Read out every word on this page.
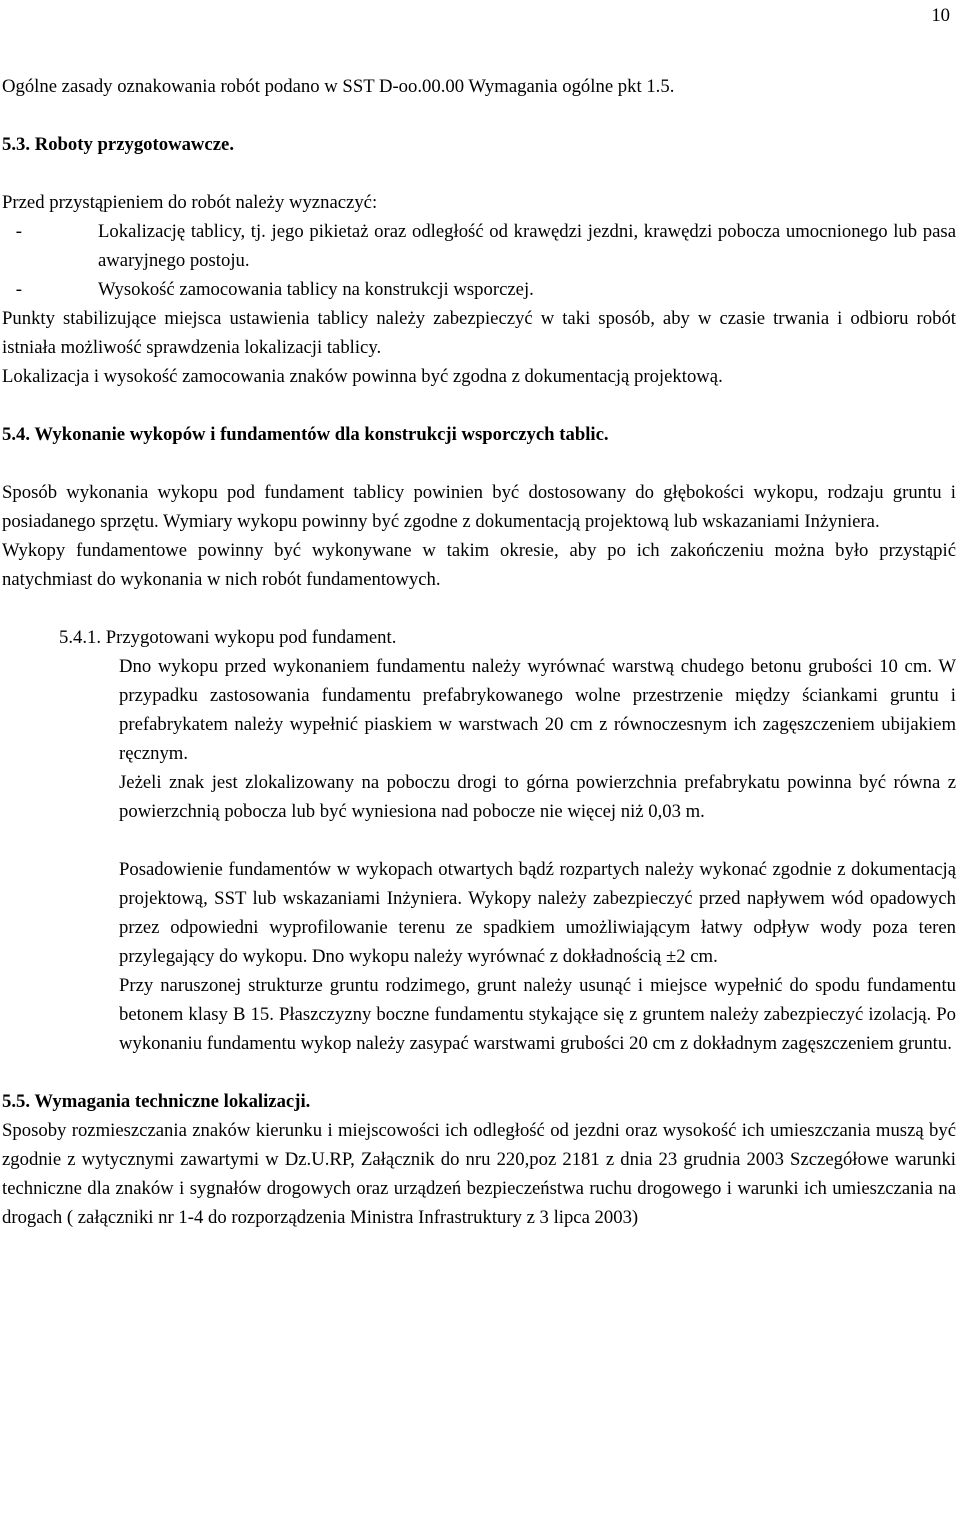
10

Ogólne zasady oznakowania robót podano w SST D-oo.00.00 Wymagania ogólne pkt 1.5.

5.3. Roboty przygotowawcze.

Przed przystąpieniem do robót należy wyznaczyć:

-	Lokalizację tablicy, tj. jego pikietaż oraz odległość od krawędzi jezdni, krawędzi pobocza umocnionego lub pasa awaryjnego postoju.

-	Wysokość zamocowania tablicy na konstrukcji wsporczej.

Punkty stabilizujące miejsca ustawienia tablicy należy zabezpieczyć w taki sposób, aby w czasie trwania i odbioru robót istniała możliwość sprawdzenia lokalizacji tablicy.

Lokalizacja i wysokość zamocowania znaków powinna być zgodna z dokumentacją projektową.

5.4. Wykonanie wykopów i fundamentów dla konstrukcji wsporczych tablic.

Sposób wykonania wykopu pod fundament tablicy powinien być dostosowany do głębokości wykopu, rodzaju gruntu i posiadanego sprzętu. Wymiary wykopu powinny być zgodne z dokumentacją projektową lub wskazaniami Inżyniera.

Wykopy fundamentowe powinny być wykonywane w takim okresie, aby po ich zakończeniu można było przystąpić natychmiast do wykonania w nich robót fundamentowych.

5.4.1. Przygotowani wykopu pod fundament.

Dno wykopu przed wykonaniem fundamentu należy wyrównać warstwą chudego betonu grubości 10 cm. W przypadku zastosowania fundamentu prefabrykowanego wolne przestrzenie między ściankami gruntu i prefabrykatem należy wypełnić piaskiem w warstwach 20 cm z równoczesnym ich zagęszczeniem ubijakiem ręcznym.

Jeżeli znak jest zlokalizowany na poboczu drogi to górna powierzchnia prefabrykatu powinna być równa z powierzchnią pobocza lub być wyniesiona nad pobocze nie więcej niż 0,03 m.

Posadowienie fundamentów w wykopach otwartych bądź rozpartych należy wykonać zgodnie z dokumentacją projektową, SST lub wskazaniami Inżyniera. Wykopy należy zabezpieczyć przed napływem wód opadowych przez odpowiedni wyprofilowanie terenu ze spadkiem umożliwiającym łatwy odpływ wody poza teren przylegający do wykopu. Dno wykopu należy wyrównać z dokładnością ±2 cm.

Przy naruszonej strukturze gruntu rodzimego, grunt należy usunąć i miejsce wypełnić do spodu fundamentu betonem klasy B 15. Płaszczyzny boczne fundamentu stykające się z gruntem należy zabezpieczyć izolacją. Po wykonaniu fundamentu wykop należy zasypać warstwami grubości 20 cm z dokładnym zagęszczeniem gruntu.

5.5. Wymagania techniczne lokalizacji.

Sposoby rozmieszczania znaków kierunku i miejscowości ich odległość od jezdni oraz wysokość ich umieszczania muszą być zgodnie z wytycznymi zawartymi w Dz.U.RP, Załącznik do nru 220,poz 2181 z dnia 23 grudnia 2003 Szczegółowe warunki techniczne dla znaków i sygnałów drogowych oraz urządzeń bezpieczeństwa ruchu drogowego i warunki ich umieszczania na drogach ( załączniki nr 1-4 do rozporządzenia Ministra Infrastruktury z 3 lipca 2003)
